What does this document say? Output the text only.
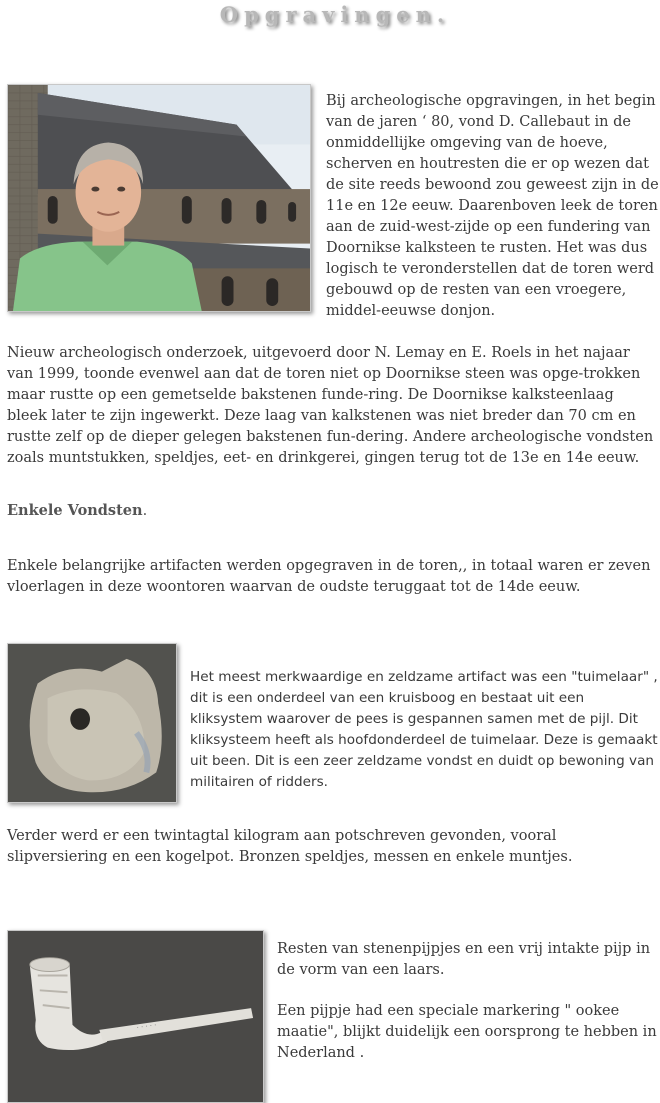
Opgravingen.

Bij archeologische opgravingen, in het begin van de jaren ‘ 80, vond D. Callebaut in de onmiddellijke omgeving van de hoeve, scherven en houtresten die er op wezen dat de site reeds bewoond zou geweest zijn in de 11e en 12e eeuw. Daarenboven leek de toren aan de zuid-west-zijde op een fundering van Doornikse kalksteen te rusten. Het was dus logisch te veronderstellen dat de toren werd gebouwd op de resten van een vroegere, middel-eeuwse donjon.

Nieuw archeologisch onderzoek, uitgevoerd door N. Lemay en E. Roels in het najaar van 1999, toonde evenwel aan dat de toren niet op Doornikse steen was opge-trokken maar rustte op een gemetselde bakstenen funde-ring. De Doornikse kalksteenlaag bleek later te zijn ingewerkt. Deze laag van kalkstenen was niet breder dan 70 cm en rustte zelf op de dieper gelegen bakstenen fun-dering. Andere archeologische vondsten zoals muntstukken, speldjes, eet- en drinkgerei, gingen terug tot de 13e en 14e eeuw.

Enkele Vondsten.

Enkele belangrijke artifacten werden opgegraven in de toren,, in totaal waren er zeven vloerlagen in deze woontoren waarvan de oudste teruggaat tot de 14de eeuw.

Het meest merkwaardige en zeldzame artifact was een "tuimelaar" , dit is een onderdeel van een kruisboog en bestaat uit een kliksystem waarover de pees is gespannen samen met de pijl. Dit kliksysteem heeft als hoofdonderdeel de tuimelaar. Deze is gemaakt uit been. Dit is een zeer zeldzame vondst en duidt op bewoning van militairen of ridders.

Verder werd er een twintagtal kilogram aan potschreven gevonden, vooral slipversiering en een kogelpot. Bronzen speldjes, messen en enkele muntjes.

· · · · ·

Resten van stenenpijpjes en een vrij intakte pijp in de vorm van een laars.

Een pijpje had een speciale markering " ookee maatie", blijkt duidelijk een oorsprong te hebben in Nederland .
